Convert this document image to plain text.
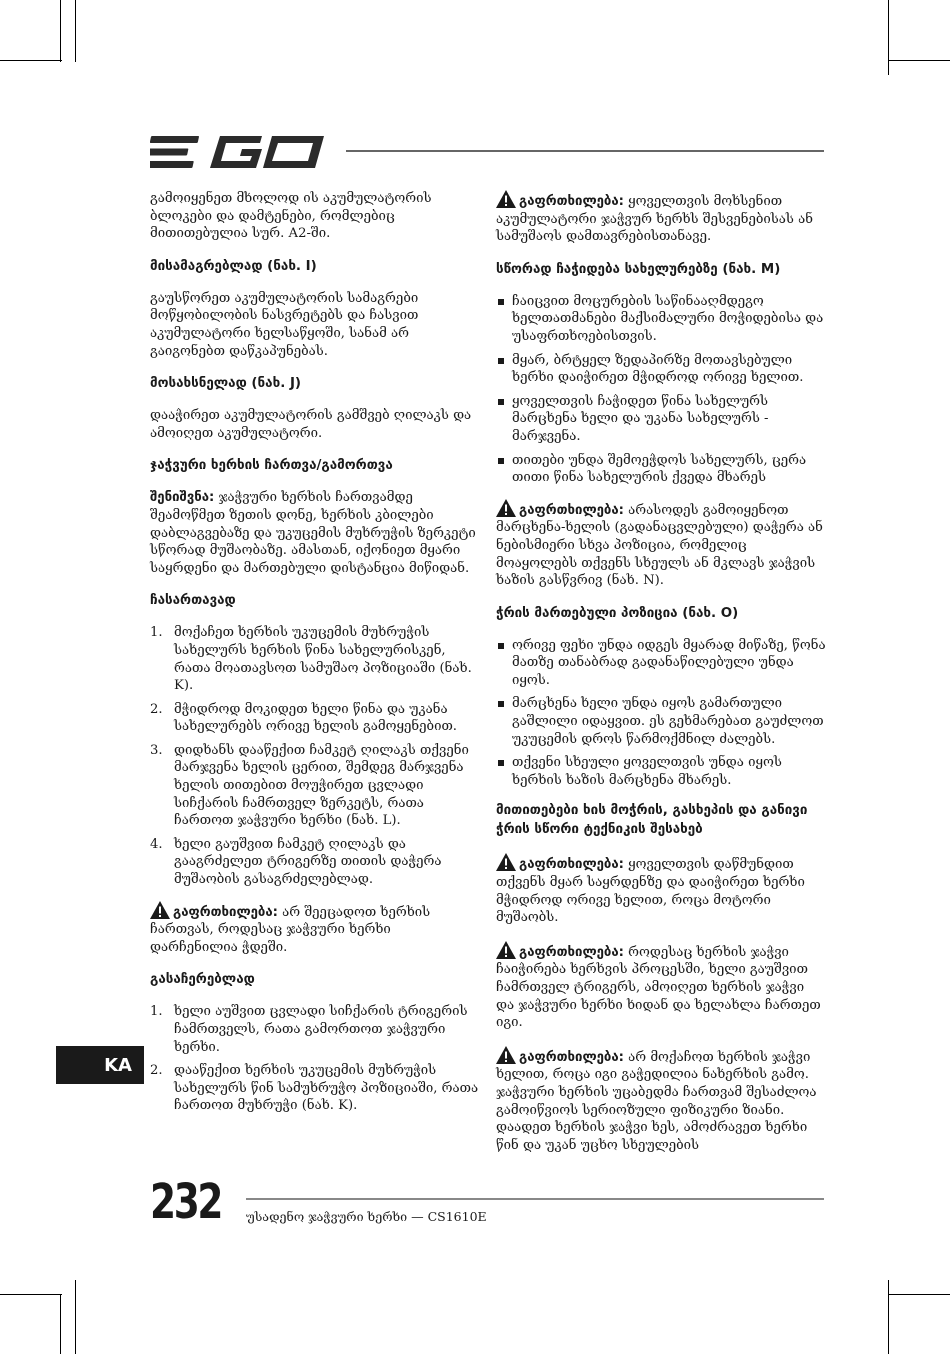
გამოიყენეთ მხოლოდ ის აკუმულატორის ბლოკები და დამტენები, რომლებიც მითითებულია სურ. A2-ში.

მისამაგრებლად (ნახ. I)

გაუსწორეთ აკუმულატორის სამაგრები მოწყობილობის ნასვრეტებს და ჩასვით აკუმულატორი ხელსაწყოში, სანამ არ გაიგონებთ დაწკაპუნებას.

მოსახსნელად (ნახ. J)

დააჭირეთ აკუმულატორის გამშვებ ღილაკს და ამოიღეთ აკუმულატორი.

ჯაჭვური ხერხის ჩართვა/გამორთვა

შენიშვნა: ჯაჭვური ხერხის ჩართვამდე შეამოწმეთ ზეთის დონე, ხერხის კბილები დაბლაგვებაზე და უკუცემის მუხრუჭის ზერკეტი სწორად მუშაობაზე. ამასთან, იქონიეთ მყარი საყრდენი და მართებული დისტანცია მიწიდან.

ჩასართავად
1. მოქაჩეთ ხერხის უკუცემის მუხრუჭის სახელურს ხერხის წინა სახელურისკენ, რათა მოათავსოთ სამუშაო პოზიციაში (ნახ. K).
2. მჭიდროდ მოკიდეთ ხელი წინა და უკანა სახელურებს ორივე ხელის გამოყენებით.
3. დიდხანს დააწექით ჩამკეტ ღილაკს თქვენი მარჯვენა ხელის ცერით, შემდეგ მარჯვენა ხელის თითებით მოუჭირეთ ცვლადი სიჩქარის ჩამრთველ ზერკეტს, რათა ჩართოთ ჯაჭვური ხერხი (ნახ. L).
4. ხელი გაუშვით ჩამკეტ ღილაკს და გააგრძელეთ ტრიგერზე თითის დაჭერა მუშაობის გასაგრძელებლად.

გაფრთხილება: არ შეეცადოთ ხერხის ჩართვას, როდესაც ჯაჭვური ხერხი დარჩენილია ჭდეში.

გასაჩერებლად
1. ხელი აუშვით ცვლადი სიჩქარის ტრიგერის ჩამრთველს, რათა გამორთოთ ჯაჭვური ხერხი.
2. დააწექით ხერხის უკუცემის მუხრუჭის სახელურს წინ სამუხრუჭო პოზიციაში, რათა ჩართოთ მუხრუჭი (ნახ. K).

გაფრთხილება: ყოველთვის მოხსენით აკუმულატორი ჯაჭვურ ხერხს შესვენებისას ან სამუშაოს დამთავრებისთანავე.

სწორად ჩაჭიდება სახელურებზე (ნახ. M)
ჩაიცვით მოცურების საწინააღმდეგო ხელთათმანები მაქსიმალური მოჭიდებისა და უსაფრთხოებისთვის.
მყარ, ბრტყელ ზედაპირზე მოთავსებული ხერხი დაიჭირეთ მჭიდროდ ორივე ხელით.
ყოველთვის ჩაჭიდეთ წინა სახელურს მარცხენა ხელი და უკანა სახელურს - მარჯვენა.
თითები უნდა შემოეჭდოს სახელურს, ცერა თითი წინა სახელურის ქვედა მხარეს

გაფრთხილება: არასოდეს გამოიყენოთ მარცხენა-ხელის (გადანაცვლებული) დაჭერა ან ნებისმიერი სხვა პოზიცია, რომელიც მოაყოლებს თქვენს სხეულს ან მკლავს ჯაჭვის ხაზის გასწვრივ (ნახ. N).

ჭრის მართებული პოზიცია (ნახ. O)
ორივე ფეხი უნდა იდგეს მყარად მიწაზე, წონა მათზე თანაბრად გადანაწილებული უნდა იყოს.
მარცხენა ხელი უნდა იყოს გამართული გაშლილი იდაყვით. ეს გეხმარებათ გაუძლოთ უკუცემის დროს წარმოქმნილ ძალებს.
თქვენი სხეული ყოველთვის უნდა იყოს ხერხის ხაზის მარცხენა მხარეს.
მითითებები ხის მოჭრის, გასხეპის და განივი ჭრის სწორი ტექნიკის შესახებ

გაფრთხილება: ყოველთვის დაწმუნდით თქვენს მყარ საყრდენზე და დაიჭირეთ ხერხი მჭიდროდ ორივე ხელით, როცა მოტორი მუშაობს.

გაფრთხილება: როდესაც ხერხის ჯაჭვი ჩაიჭირება ხერხვის პროცესში, ხელი გაუშვით ჩამრთველ ტრიგერს, ამოიღეთ ხერხის ჯაჭვი და ჯაჭვური ხერხი ხიდან და ხელახლა ჩართეთ იგი.

გაფრთხილება: არ მოქაჩოთ ხერხის ჯაჭვი ხელით, როცა იგი გაჭედილია ნახერხის გამო. ჯაჭვური ხერხის უცაბედმა ჩართვამ შესაძლოა გამოიწვიოს სერიოზული ფიზიკური ზიანი. დაადეთ ხერხის ჯაჭვი ხეს, ამოძრავეთ ხერხი წინ და უკან უცხო სხეულების

KA
232 უსადენო ჯაჭვური ხერხი — CS1610E
